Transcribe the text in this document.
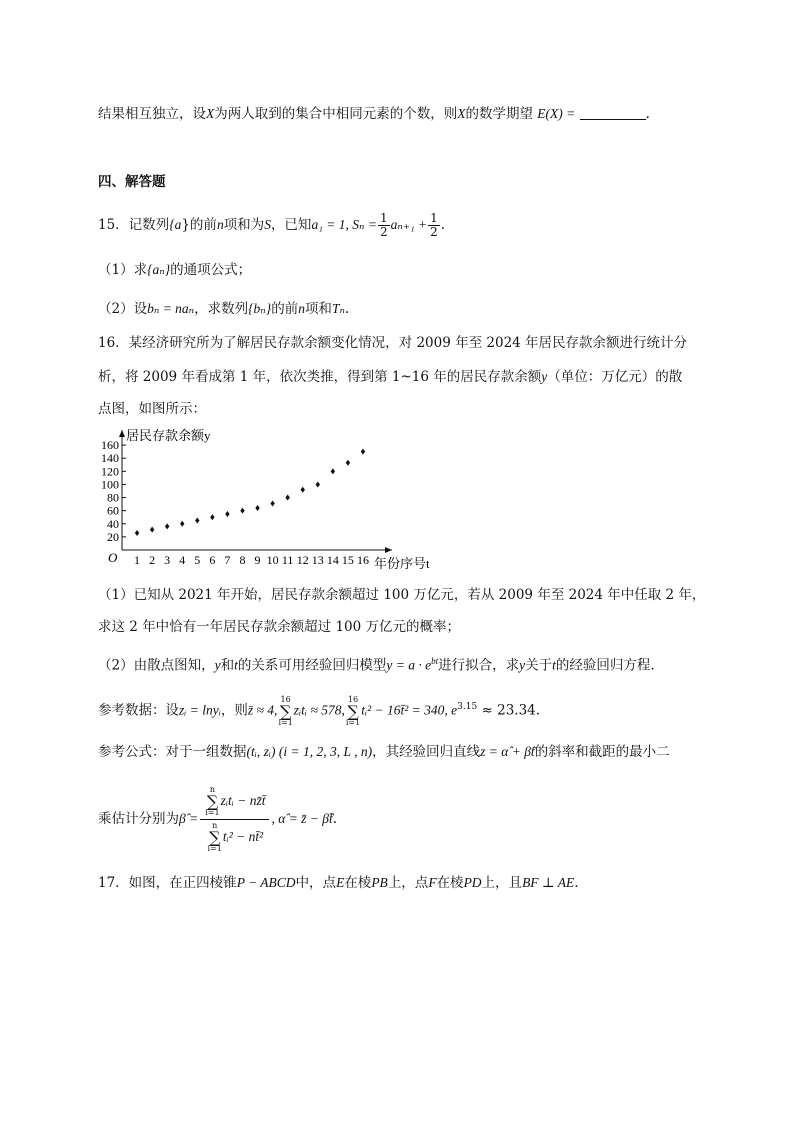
结果相互独立，设X为两人取到的集合中相同元素的个数，则X的数学期望 E(X) =	.
四、解答题
15．记数列{a}的前n项和为S，已知a₁ = 1, $S_n = \frac{1}{2} a_{n+1} + \frac{1}{2}$ .
（1）求{aₙ}的通项公式；
（2）设bₙ = naₙ，求数列{bₙ}的前n项和Tₙ.
16．某经济研究所为了解居民存款余额变化情况，对 2009 年至 2024 年居民存款余额进行统计分
析，将 2009 年看成第 1 年，依次类推，得到第 1~16 年的居民存款余额y（单位：万亿元）的散
点图，如图所示：
1 2 3 4 5 6 7 8 9 10 11 12 13 14 15 16
20
40
60
80
100
120
140
160
居民存款余额y
年份序号t
O
（1）已知从 2021 年开始，居民存款余额超过 100 万亿元，若从 2009 年至 2024 年中任取 2 年，
求这 2 年中恰有一年居民存款余额超过 100 万亿元的概率；
（2）由散点图知，y和t的关系可用经验回归模型$y = a \cdot e^{bt}$进行拟合，求y关于t的经验回归方程.
参考数据：设zᵢ = lnyᵢ，则z̄ ≈ 4,
16
∑
i=1
zᵢtᵢ ≈ 578,
16
∑
i=1
tᵢ² − 16t̄² = 340, $e^{3.15} \approx 23.34$.
参考公式：对于一组数据(tᵢ, zᵢ) (i = 1, 2, 3, L , n)，其经验回归直线z = α̂ + β̂t的斜率和截距的最小二
乘估计分别为β̂ = n
∑
i=1
zᵢtᵢ − nz̄t̄
n
∑
i=1
tᵢ² − nt̄² , α̂ = z̄ − β̂t̄.
17．如图，在正四棱锥P − ABCD中，点E在棱PB上，点F在棱PD上，且BF ⊥ AE.
